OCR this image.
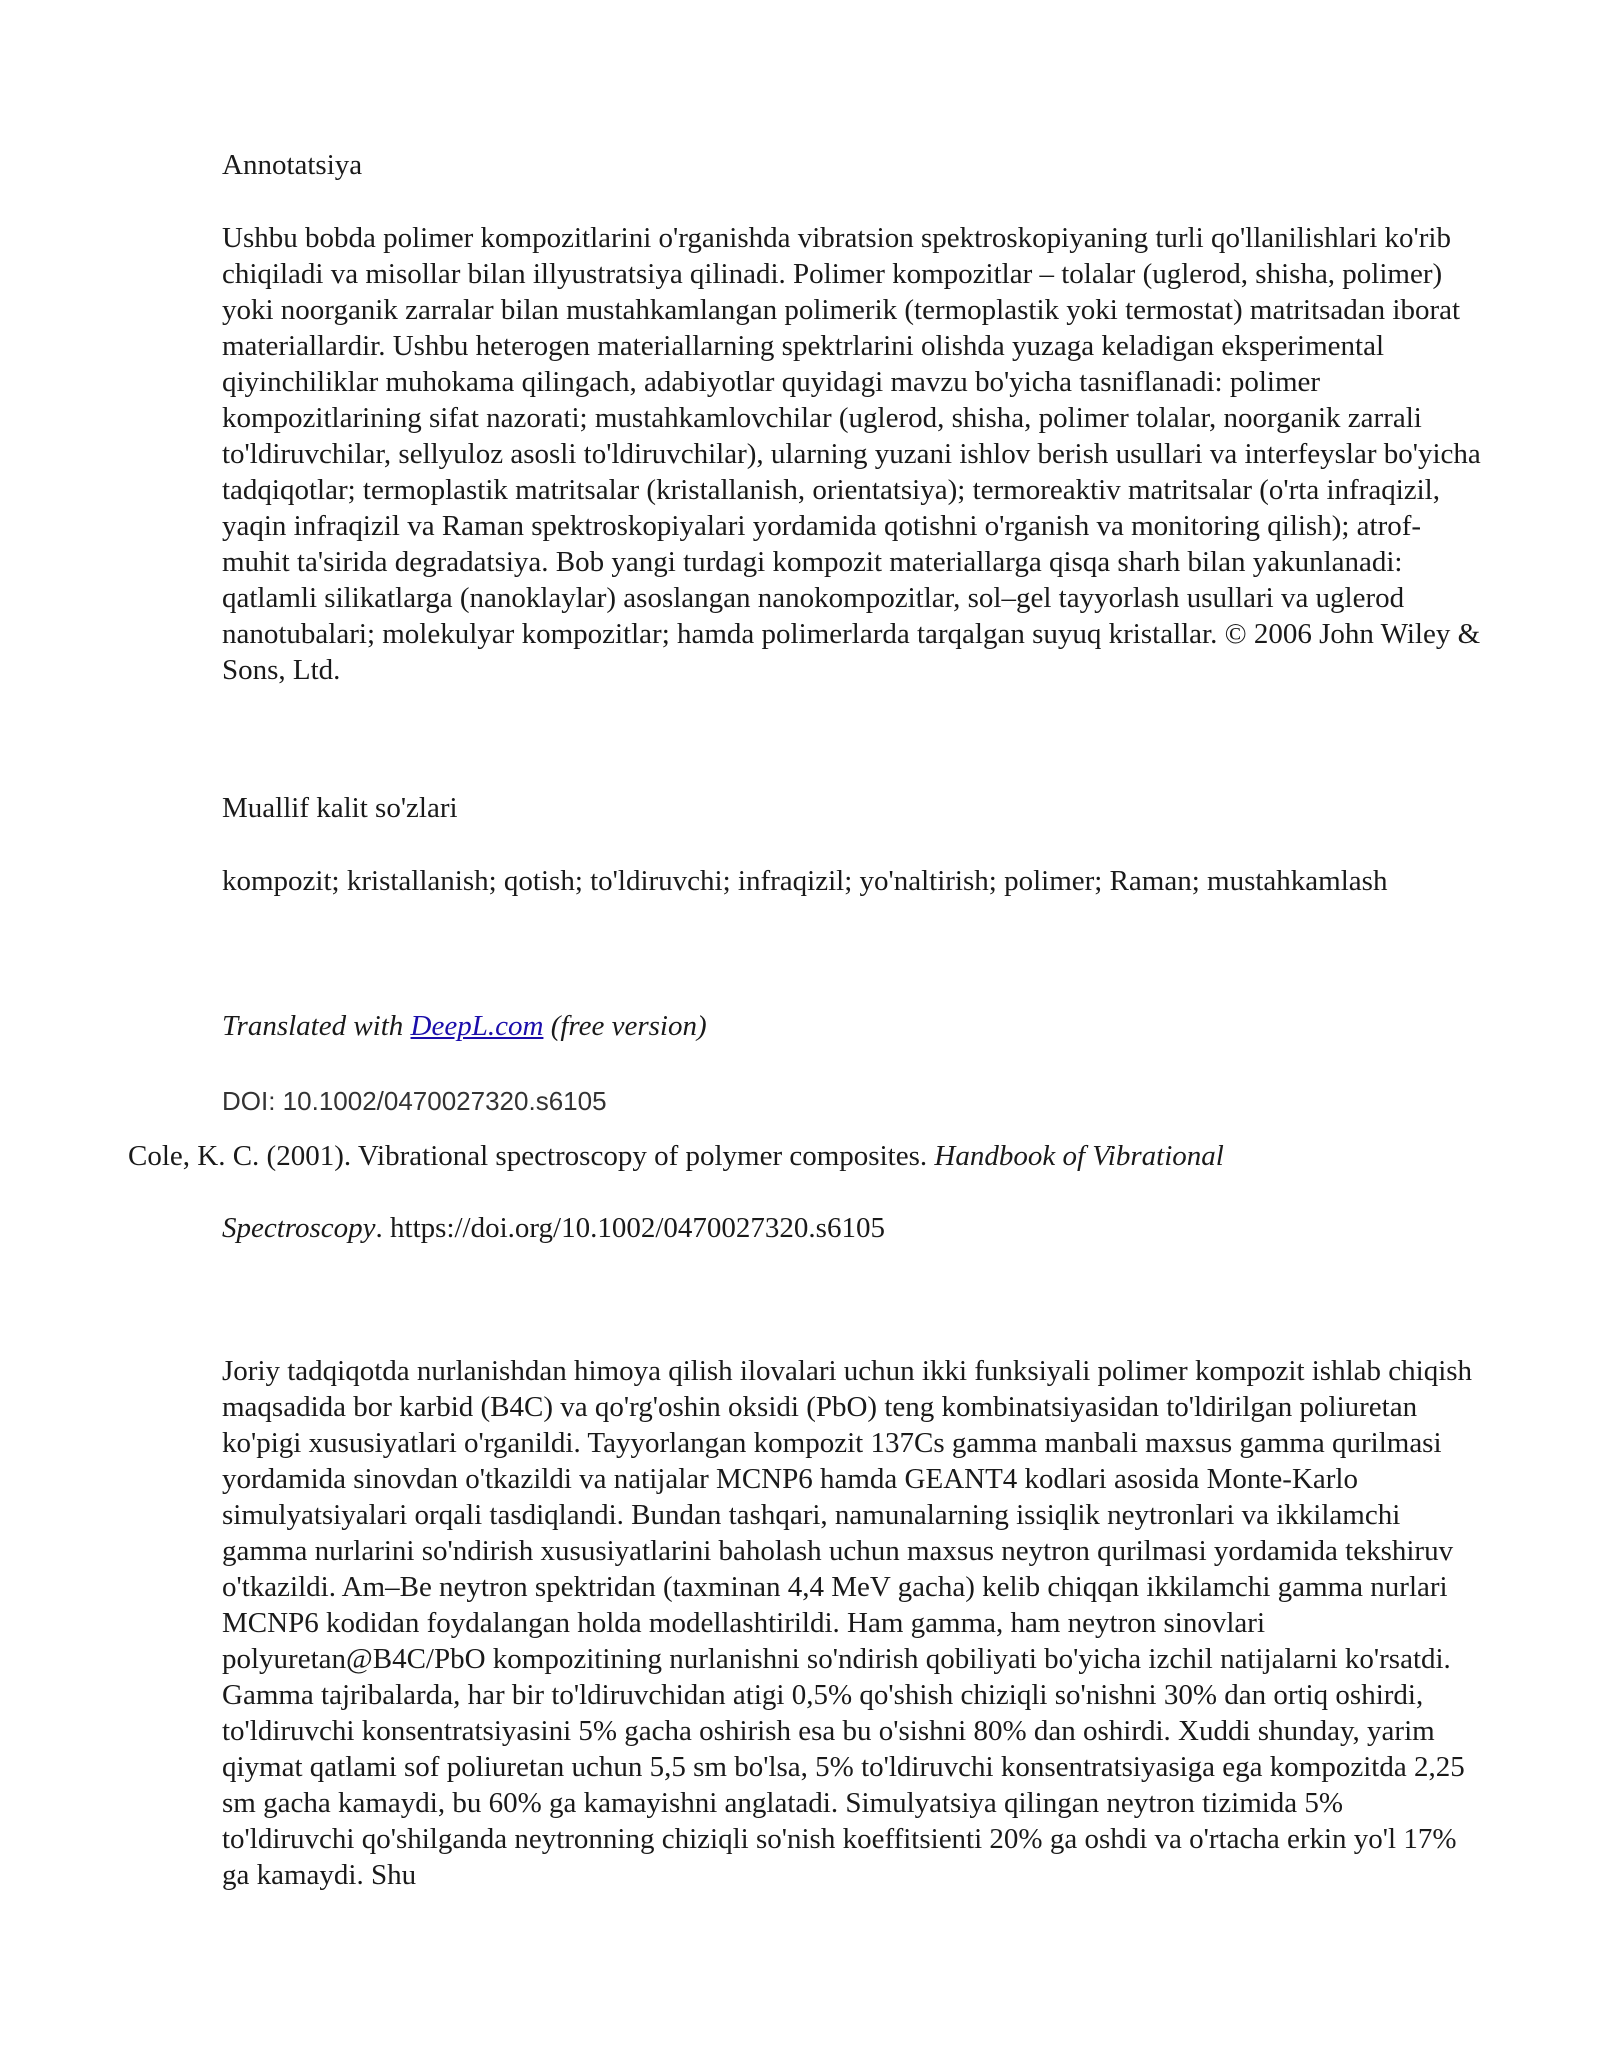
Annotatsiya

Ushbu bobda polimer kompozitlarini o'rganishda vibratsion spektroskopiyaning turli qo'llanilishlari ko'rib chiqiladi va misollar bilan illyustratsiya qilinadi. Polimer kompozitlar – tolalar (uglerod, shisha, polimer) yoki noorganik zarralar bilan mustahkamlangan polimerik (termoplastik yoki termostat) matritsadan iborat materiallardir. Ushbu heterogen materiallarning spektrlarini olishda yuzaga keladigan eksperimental qiyinchiliklar muhokama qilingach, adabiyotlar quyidagi mavzu bo'yicha tasniflanadi: polimer kompozitlarining sifat nazorati; mustahkamlovchilar (uglerod, shisha, polimer tolalar, noorganik zarrali to'ldiruvchilar, sellyuloz asosli to'ldiruvchilar), ularning yuzani ishlov berish usullari va interfeyslar bo'yicha tadqiqotlar; termoplastik matritsalar (kristallanish, orientatsiya); termoreaktiv matritsalar (o'rta infraqizil, yaqin infraqizil va Raman spektroskopiyalari yordamida qotishni o'rganish va monitoring qilish); atrof-muhit ta'sirida degradatsiya. Bob yangi turdagi kompozit materiallarga qisqa sharh bilan yakunlanadi: qatlamli silikatlarga (nanoklaylar) asoslangan nanokompozitlar, sol–gel tayyorlash usullari va uglerod nanotubalari; molekulyar kompozitlar; hamda polimerlarda tarqalgan suyuq kristallar. © 2006 John Wiley & Sons, Ltd.

Muallif kalit so'zlari
kompozit; kristallanish; qotish; to'ldiruvchi; infraqizil; yo'naltirish; polimer; Raman; mustahkamlash
Translated with DeepL.com (free version)
DOI: 10.1002/0470027320.s6105
Cole, K. C. (2001). Vibrational spectroscopy of polymer composites. Handbook of Vibrational
Spectroscopy. https://doi.org/10.1002/0470027320.s6105

Joriy tadqiqotda nurlanishdan himoya qilish ilovalari uchun ikki funksiyali polimer kompozit ishlab chiqish maqsadida bor karbid (B4C) va qo'rg'oshin oksidi (PbO) teng kombinatsiyasidan to'ldirilgan poliuretan ko'pigi xususiyatlari o'rganildi. Tayyorlangan kompozit 137Cs gamma manbali maxsus gamma qurilmasi yordamida sinovdan o'tkazildi va natijalar MCNP6 hamda GEANT4 kodlari asosida Monte-Karlo simulyatsiyalari orqali tasdiqlandi. Bundan tashqari, namunalarning issiqlik neytronlari va ikkilamchi gamma nurlarini so'ndirish xususiyatlarini baholash uchun maxsus neytron qurilmasi yordamida tekshiruv o'tkazildi. Am–Be neytron spektridan (taxminan 4,4 MeV gacha) kelib chiqqan ikkilamchi gamma nurlari MCNP6 kodidan foydalangan holda modellashtirildi. Ham gamma, ham neytron sinovlari polyuretan@B4C/PbO kompozitining nurlanishni so'ndirish qobiliyati bo'yicha izchil natijalarni ko'rsatdi. Gamma tajribalarda, har bir to'ldiruvchidan atigi 0,5% qo'shish chiziqli so'nishni 30% dan ortiq oshirdi, to'ldiruvchi konsentratsiyasini 5% gacha oshirish esa bu o'sishni 80% dan oshirdi. Xuddi shunday, yarim qiymat qatlami sof poliuretan uchun 5,5 sm bo'lsa, 5% to'ldiruvchi konsentratsiyasiga ega kompozitda 2,25 sm gacha kamaydi, bu 60% ga kamayishni anglatadi. Simulyatsiya qilingan neytron tizimida 5% to'ldiruvchi qo'shilganda neytronning chiziqli so'nish koeffitsienti 20% ga oshdi va o'rtacha erkin yo'l 17% ga kamaydi. Shu
